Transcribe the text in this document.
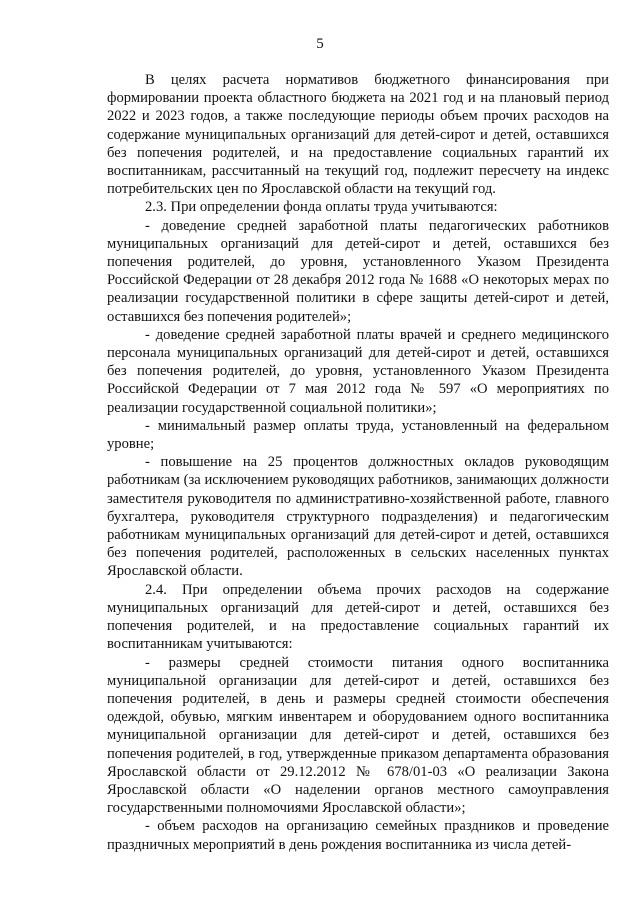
5

В целях расчета нормативов бюджетного финансирования при формировании проекта областного бюджета на 2021 год и на плановый период 2022 и 2023 годов, а также последующие периоды объем прочих расходов на содержание муниципальных организаций для детей-сирот и детей, оставшихся без попечения родителей, и на предоставление социальных гарантий их воспитанникам, рассчитанный на текущий год, подлежит пересчету на индекс потребительских цен по Ярославской области на текущий год.

2.3. При определении фонда оплаты труда учитываются:

- доведение средней заработной платы педагогических работников муниципальных организаций для детей-сирот и детей, оставшихся без попечения родителей, до уровня, установленного Указом Президента Российской Федерации от 28 декабря 2012 года № 1688 «О некоторых мерах по реализации государственной политики в сфере защиты детей-сирот и детей, оставшихся без попечения родителей»;

- доведение средней заработной платы врачей и среднего медицинского персонала муниципальных организаций для детей-сирот и детей, оставшихся без попечения родителей, до уровня, установленного Указом Президента Российской Федерации от 7 мая 2012 года № 597 «О мероприятиях по реализации государственной социальной политики»;

- минимальный размер оплаты труда, установленный на федеральном уровне;

- повышение на 25 процентов должностных окладов руководящим работникам (за исключением руководящих работников, занимающих должности заместителя руководителя по административно-хозяйственной работе, главного бухгалтера, руководителя структурного подразделения) и педагогическим работникам муниципальных организаций для детей-сирот и детей, оставшихся без попечения родителей, расположенных в сельских населенных пунктах Ярославской области.

2.4. При определении объема прочих расходов на содержание муниципальных организаций для детей-сирот и детей, оставшихся без попечения родителей, и на предоставление социальных гарантий их воспитанникам учитываются:

- размеры средней стоимости питания одного воспитанника муниципальной организации для детей-сирот и детей, оставшихся без попечения родителей, в день и размеры средней стоимости обеспечения одеждой, обувью, мягким инвентарем и оборудованием одного воспитанника муниципальной организации для детей-сирот и детей, оставшихся без попечения родителей, в год, утвержденные приказом департамента образования Ярославской области от 29.12.2012 № 678/01-03 «О реализации Закона Ярославской области «О наделении органов местного самоуправления государственными полномочиями Ярославской области»;

- объем расходов на организацию семейных праздников и проведение праздничных мероприятий в день рождения воспитанника из числа детей-
